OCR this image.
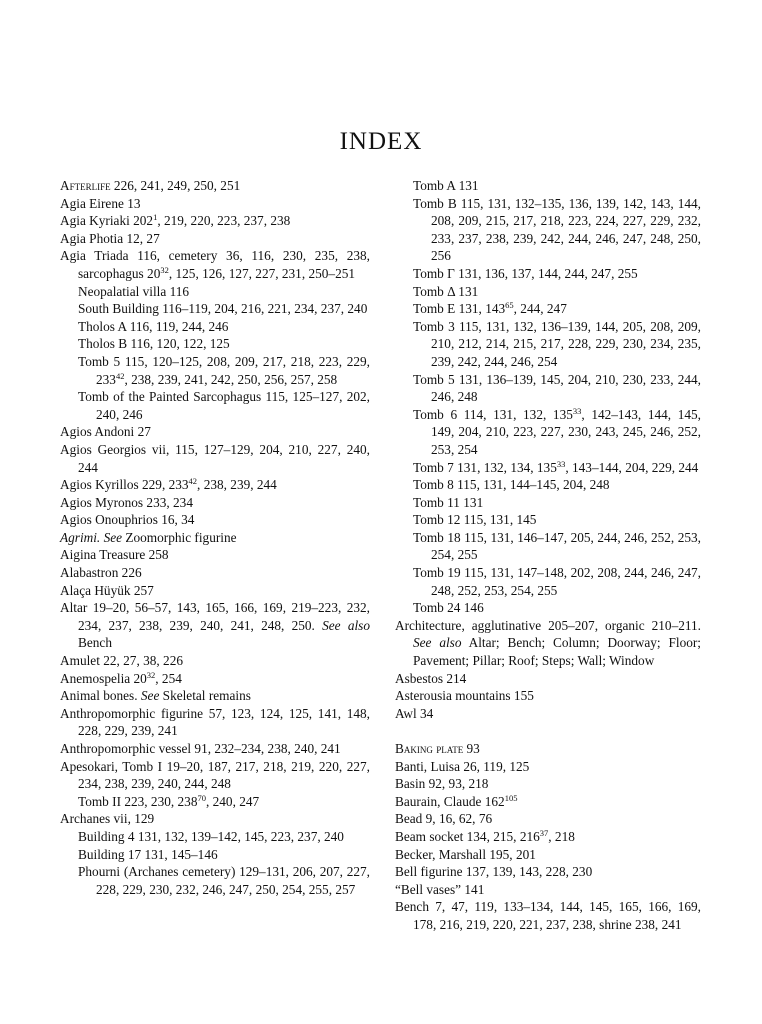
INDEX
Afterlife 226, 241, 249, 250, 251
Agia Eirene 13
Agia Kyriaki $202^1$, 219, 220, 223, 237, 238
Agia Photia 12, 27
Agia Triada 116, cemetery 36, 116, 230, 235, 238, sarcophagus $20^{32}$, 125, 126, 127, 227, 231, 250–251
Neopalatial villa 116
South Building 116–119, 204, 216, 221, 234, 237, 240
Tholos A 116, 119, 244, 246
Tholos B 116, 120, 122, 125
Tomb 5 115, 120–125, 208, 209, 217, 218, 223, 229, $233^{42}$, 238, 239, 241, 242, 250, 256, 257, 258
Tomb of the Painted Sarcophagus 115, 125–127, 202, 240, 246
Agios Andoni 27
Agios Georgios vii, 115, 127–129, 204, 210, 227, 240, 244
Agios Kyrillos 229, $233^{42}$, 238, 239, 244
Agios Myronos 233, 234
Agios Onouphrios 16, 34
Agrimi. See Zoomorphic figurine
Aigina Treasure 258
Alabastron 226
Alaça Hüyük 257
Altar 19–20, 56–57, 143, 165, 166, 169, 219–223, 232, 234, 237, 238, 239, 240, 241, 248, 250. See also Bench
Amulet 22, 27, 38, 226
Anemospelia $20^{32}$, 254
Animal bones. See Skeletal remains
Anthropomorphic figurine 57, 123, 124, 125, 141, 148, 228, 229, 239, 241
Anthropomorphic vessel 91, 232–234, 238, 240, 241
Apesokari, Tomb I 19–20, 187, 217, 218, 219, 220, 227, 234, 238, 239, 240, 244, 248
Tomb II 223, 230, $238^{70}$, 240, 247
Archanes vii, 129
Building 4 131, 132, 139–142, 145, 223, 237, 240
Building 17 131, 145–146
Phourni (Archanes cemetery) 129–131, 206, 207, 227, 228, 229, 230, 232, 246, 247, 250, 254, 255, 257
Tomb A 131
Tomb B 115, 131, 132–135, 136, 139, 142, 143, 144, 208, 209, 215, 217, 218, 223, 224, 227, 229, 232, 233, 237, 238, 239, 242, 244, 246, 247, 248, 250, 256
Tomb Γ 131, 136, 137, 144, 244, 247, 255
Tomb Δ 131
Tomb E 131, $143^{65}$, 244, 247
Tomb 3 115, 131, 132, 136–139, 144, 205, 208, 209, 210, 212, 214, 215, 217, 228, 229, 230, 234, 235, 239, 242, 244, 246, 254
Tomb 5 131, 136–139, 145, 204, 210, 230, 233, 244, 246, 248
Tomb 6 114, 131, 132, $135^{33}$, 142–143, 144, 145, 149, 204, 210, 223, 227, 230, 243, 245, 246, 252, 253, 254
Tomb 7 131, 132, 134, $135^{33}$, 143–144, 204, 229, 244
Tomb 8 115, 131, 144–145, 204, 248
Tomb 11 131
Tomb 12 115, 131, 145
Tomb 18 115, 131, 146–147, 205, 244, 246, 252, 253, 254, 255
Tomb 19 115, 131, 147–148, 202, 208, 244, 246, 247, 248, 252, 253, 254, 255
Tomb 24 146
Architecture, agglutinative 205–207, organic 210–211. See also Altar; Bench; Column; Doorway; Floor; Pavement; Pillar; Roof; Steps; Wall; Window
Asbestos 214
Asterousia mountains 155
Awl 34
Baking plate 93
Banti, Luisa 26, 119, 125
Basin 92, 93, 218
Baurain, Claude $162^{105}$
Bead 9, 16, 62, 76
Beam socket 134, 215, $216^{37}$, 218
Becker, Marshall 195, 201
Bell figurine 137, 139, 143, 228, 230
“Bell vases” 141
Bench 7, 47, 119, 133–134, 144, 145, 165, 166, 169, 178, 216, 219, 220, 221, 237, 238, shrine 238, 241
